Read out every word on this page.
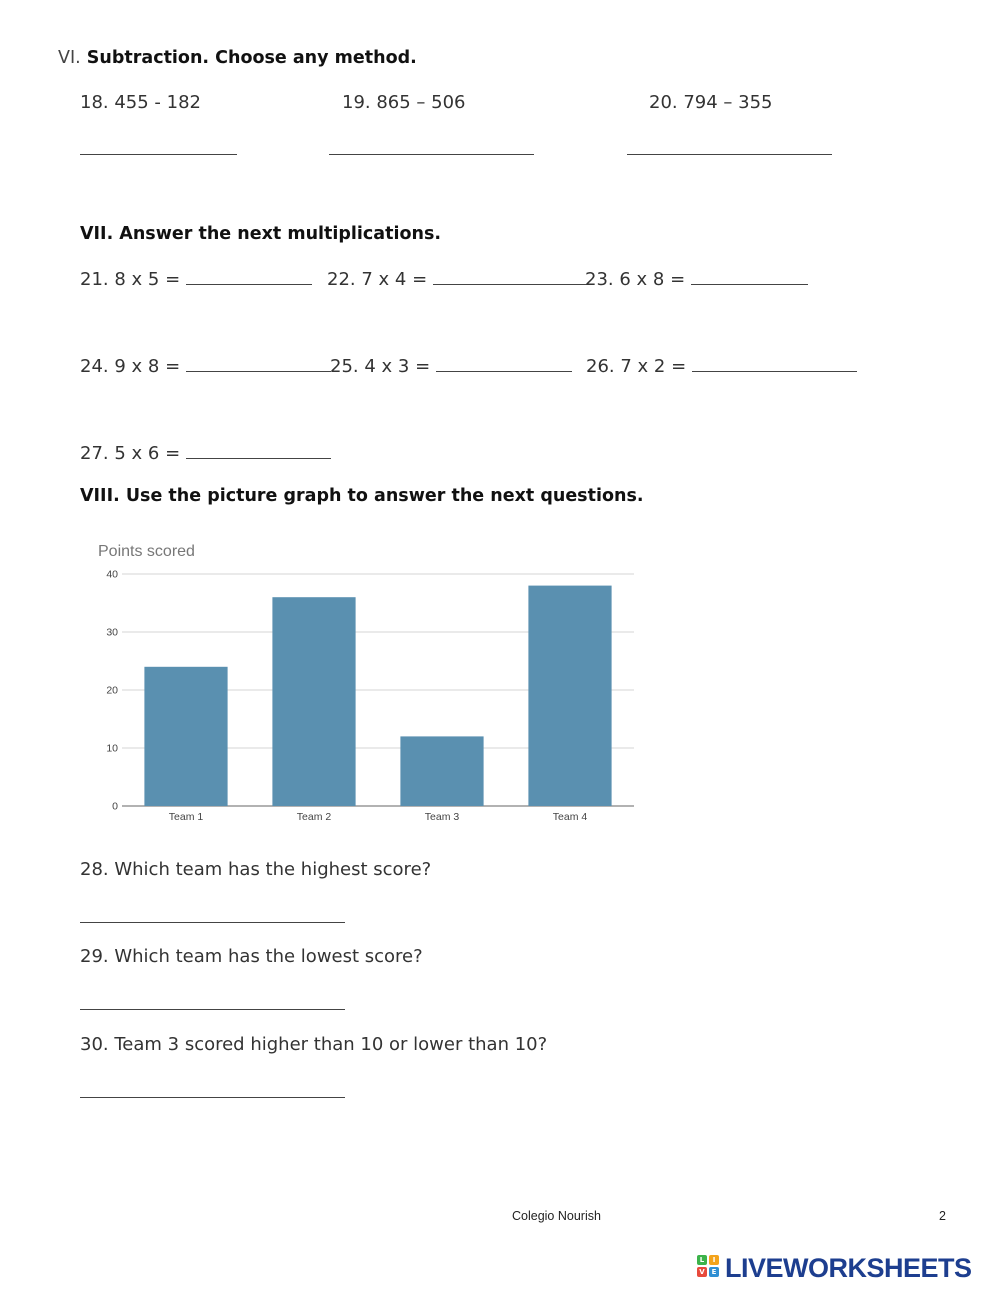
VI. Subtraction. Choose any method.
18. 455 - 182	19. 865 – 506	20. 794 – 355
VII. Answer the next multiplications.
21. 8 x 5 =	22. 7 x 4 =	23. 6 x 8 =
24. 9 x 8 =	25. 4 x 3 =	26. 7 x 2 =
27. 5 x 6 =
VIII. Use the picture graph to answer the next questions.
Points scored
0
10
20
30
40
Team 1	Team 2	Team 3	Team 4
28. Which team has the highest score?
29. Which team has the lowest score?
30. Team 3 scored higher than 10 or lower than 10?
Colegio Nourish	2
L	I
V E LIVEWORKSHEETS
